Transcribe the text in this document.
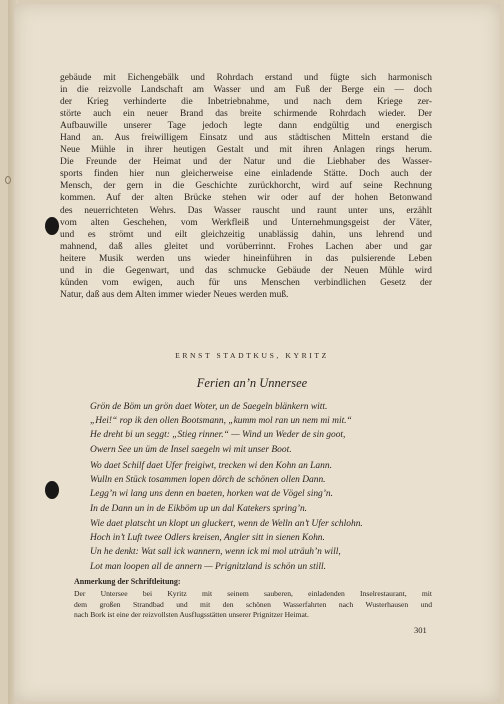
gebäude mit Eichengebälk und Rohrdach erstand und fügte sich harmonisch
in die reizvolle Landschaft am Wasser und am Fuß der Berge ein — doch
der Krieg verhinderte die Inbetriebnahme, und nach dem Kriege zer-
störte auch ein neuer Brand das breite schirmende Rohrdach wieder. Der
Aufbauwille unserer Tage jedoch legte dann endgültig und energisch
Hand an. Aus freiwilligem Einsatz und aus städtischen Mitteln erstand die
Neue Mühle in ihrer heutigen Gestalt und mit ihren Anlagen rings herum.
Die Freunde der Heimat und der Natur und die Liebhaber des Wasser-
sports finden hier nun gleicherweise eine einladende Stätte. Doch auch der
Mensch, der gern in die Geschichte zurückhorcht, wird auf seine Rechnung
kommen. Auf der alten Brücke stehen wir oder auf der hohen Betonwand
des neuerrichteten Wehrs. Das Wasser rauscht und raunt unter uns, erzählt
vom alten Geschehen, vom Werkfleiß und Unternehmungsgeist der Väter,
und es strömt und eilt gleichzeitig unablässig dahin, uns lehrend und
mahnend, daß alles gleitet und vorüberrinnt. Frohes Lachen aber und gar
heitere Musik werden uns wieder hineinführen in das pulsierende Leben
und in die Gegenwart, und das schmucke Gebäude der Neuen Mühle wird
künden vom ewigen, auch für uns Menschen verbindlichen Gesetz der
Natur, daß aus dem Alten immer wieder Neues werden muß.
ERNST STADTKUS, KYRITZ
Ferien an’n Unnersee
Grön de Böm un grön daet Woter, un de Saegeln blänkern witt.
„Hei!“ rop ik den ollen Bootsmann, „kumm mol ran un nem mi mit.“
He dreht bi un seggt: „Stieg rinner.“ — Wind un Weder de sin goot,
Owern See un üm de Insel saegeln wi mit unser Boot.
Wo daet Schilf daet Ufer freigiwt, trecken wi den Kohn an Lann.
Wulln en Stück tosammen lopen dörch de schönen ollen Dann.
Legg’n wi lang uns denn en baeten, horken wat de Vögel sing’n.
In de Dann un in de Eikböm up un dal Katekers spring’n.
Wie daet platscht un klopt un gluckert, wenn de Welln an’t Ufer schlohn.
Hoch in’t Luft twee Odlers kreisen, Angler sitt in sienen Kohn.
Un he denkt: Wat sall ick wannern, wenn ick mi mol uträuh’n will,
Lot man loopen all de annern — Prignitzland is schön un still.
Anmerkung der Schriftleitung:
Der Untersee bei Kyritz mit seinem sauberen, einladenden Inselrestaurant, mit
dem großen Strandbad und mit den schönen Wasserfahrten nach Wusterhausen und
nach Bork ist eine der reizvollsten Ausflugsstätten unserer Prignitzer Heimat.
301
